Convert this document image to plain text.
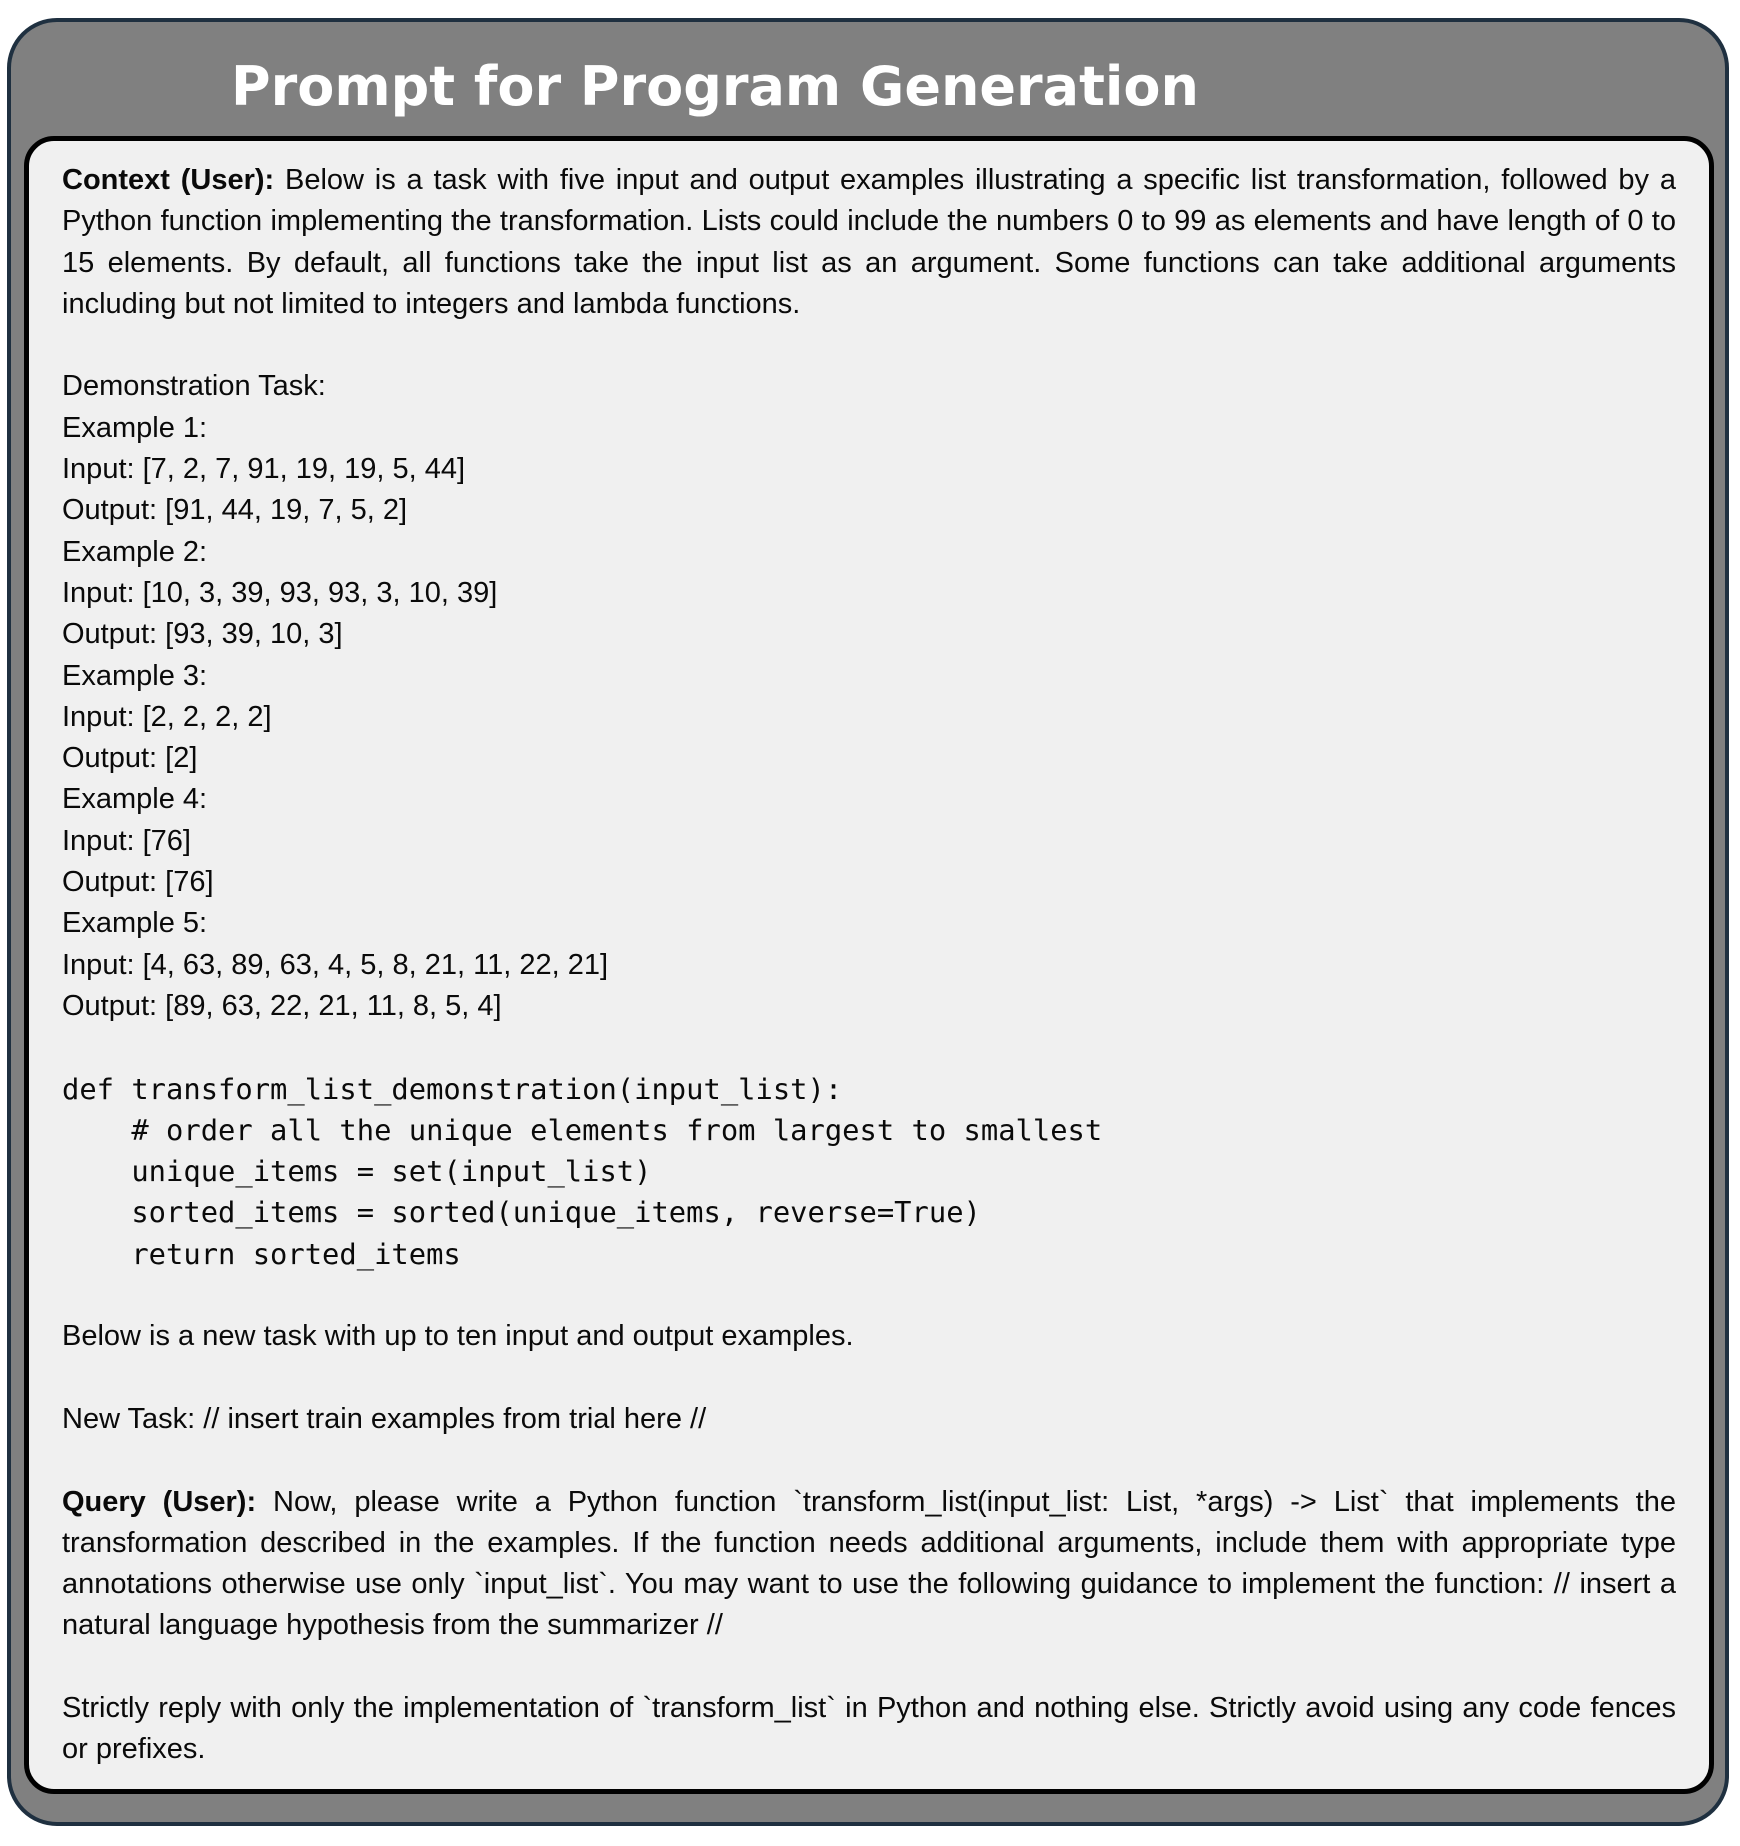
Prompt for Program Generation

Context (User): Below is a task with five input and output examples illustrating a specific list transformation, followed by a Python function implementing the transformation. Lists could include the numbers 0 to 99 as elements and have length of 0 to 15 elements. By default, all functions take the input list as an argument. Some functions can take additional arguments including but not limited to integers and lambda functions.

Demonstration Task:
Example 1:
Input: [7, 2, 7, 91, 19, 19, 5, 44]
Output: [91, 44, 19, 7, 5, 2]
Example 2:
Input: [10, 3, 39, 93, 93, 3, 10, 39]
Output: [93, 39, 10, 3]
Example 3:
Input: [2, 2, 2, 2]
Output: [2]
Example 4:
Input: [76]
Output: [76]
Example 5:
Input: [4, 63, 89, 63, 4, 5, 8, 21, 11, 22, 21]
Output: [89, 63, 22, 21, 11, 8, 5, 4]
def transform_list_demonstration(input_list):
# order all the unique elements from largest to smallest
unique_items = set(input_list)
sorted_items = sorted(unique_items, reverse=True)
return sorted_items
Below is a new task with up to ten input and output examples.
New Task: // insert train examples from trial here //

Query (User): Now, please write a Python function `transform_list(input_list: List, *args) -> List` that implements the transformation described in the examples. If the function needs additional arguments, include them with appropriate type annotations otherwise use only `input_list`. You may want to use the following guidance to implement the function: // insert a natural language hypothesis from the summarizer //

Strictly reply with only the implementation of `transform_list` in Python and nothing else. Strictly avoid using any code fences or prefixes.
